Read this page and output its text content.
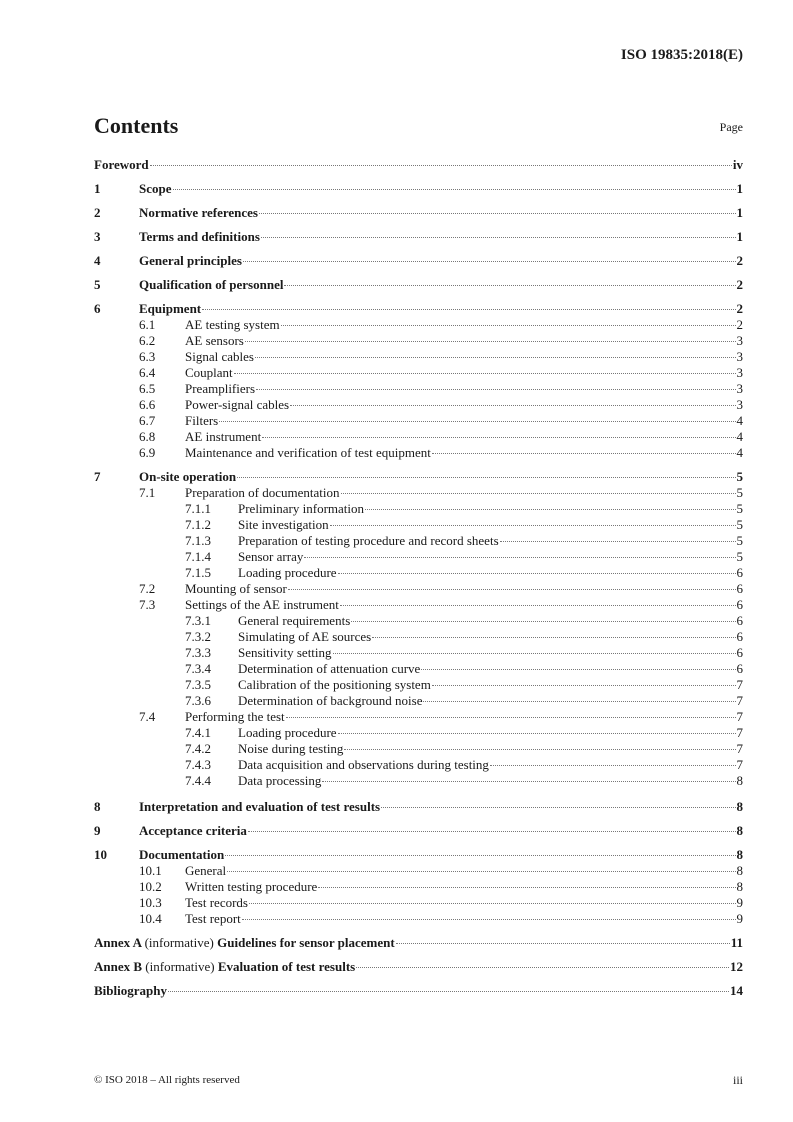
ISO 19835:2018(E)
Contents	Page
Foreword	iv
1	Scope	1
2	Normative references	1
3	Terms and definitions	1
4	General principles	2
5	Qualification of personnel	2
6	Equipment	2
6.1	AE testing system	2
6.2	AE sensors	3
6.3	Signal cables	3
6.4	Couplant	3
6.5	Preamplifiers	3
6.6	Power-signal cables	3
6.7	Filters	4
6.8	AE instrument	4
6.9	Maintenance and verification of test equipment	4
7	On-site operation	5
7.1	Preparation of documentation	5
7.1.1	Preliminary information	5
7.1.2	Site investigation	5
7.1.3	Preparation of testing procedure and record sheets	5
7.1.4	Sensor array	5
7.1.5	Loading procedure	6
7.2	Mounting of sensor	6
7.3	Settings of the AE instrument	6
7.3.1	General requirements	6
7.3.2	Simulating of AE sources	6
7.3.3	Sensitivity setting	6
7.3.4	Determination of attenuation curve	6
7.3.5	Calibration of the positioning system	7
7.3.6	Determination of background noise	7
7.4	Performing the test	7
7.4.1	Loading procedure	7
7.4.2	Noise during testing	7
7.4.3	Data acquisition and observations during testing	7
7.4.4	Data processing	8
8	Interpretation and evaluation of test results	8
9	Acceptance criteria	8
10	Documentation	8
10.1	General	8
10.2	Written testing procedure	8
10.3	Test records	9
10.4	Test report	9
Annex A (informative) Guidelines for sensor placement	11
Annex B (informative) Evaluation of test results	12
Bibliography	14
© ISO 2018 – All rights reserved	iii
